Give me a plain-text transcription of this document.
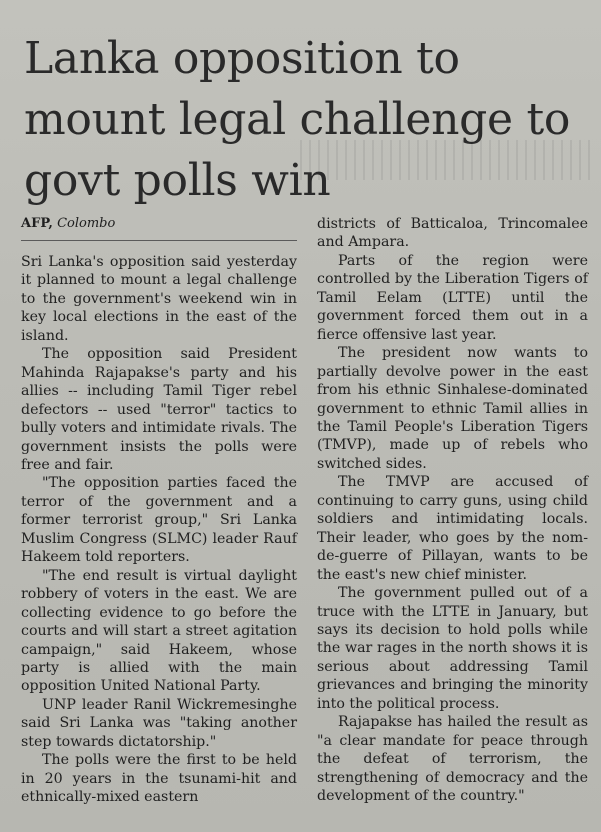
Lanka opposition to mount legal challenge to govt polls win
AFP, Colombo

Sri Lanka's opposition said yesterday it planned to mount a legal challenge to the government's weekend win in key local elections in the east of the island.

The opposition said President Mahinda Rajapakse's party and his allies -- including Tamil Tiger rebel defectors -- used "terror" tactics to bully voters and intimidate rivals. The government insists the polls were free and fair.

"The opposition parties faced the terror of the government and a former terrorist group," Sri Lanka Muslim Congress (SLMC) leader Rauf Hakeem told reporters.

"The end result is virtual daylight robbery of voters in the east. We are collecting evidence to go before the courts and will start a street agitation campaign," said Hakeem, whose party is allied with the main opposition United National Party.

UNP leader Ranil Wickremesinghe said Sri Lanka was "taking another step towards dictatorship."

The polls were the first to be held in 20 years in the tsunami-hit and ethnically-mixed eastern

districts of Batticaloa, Trincomalee and Ampara.

Parts of the region were controlled by the Liberation Tigers of Tamil Eelam (LTTE) until the government forced them out in a fierce offensive last year.

The president now wants to partially devolve power in the east from his ethnic Sinhalese-dominated government to ethnic Tamil allies in the Tamil People's Liberation Tigers (TMVP), made up of rebels who switched sides.

The TMVP are accused of continuing to carry guns, using child soldiers and intimidating locals. Their leader, who goes by the nom-de-guerre of Pillayan, wants to be the east's new chief minister.

The government pulled out of a truce with the LTTE in January, but says its decision to hold polls while the war rages in the north shows it is serious about addressing Tamil grievances and bringing the minority into the political process.

Rajapakse has hailed the result as "a clear mandate for peace through the defeat of terrorism, the strengthening of democracy and the development of the country."
